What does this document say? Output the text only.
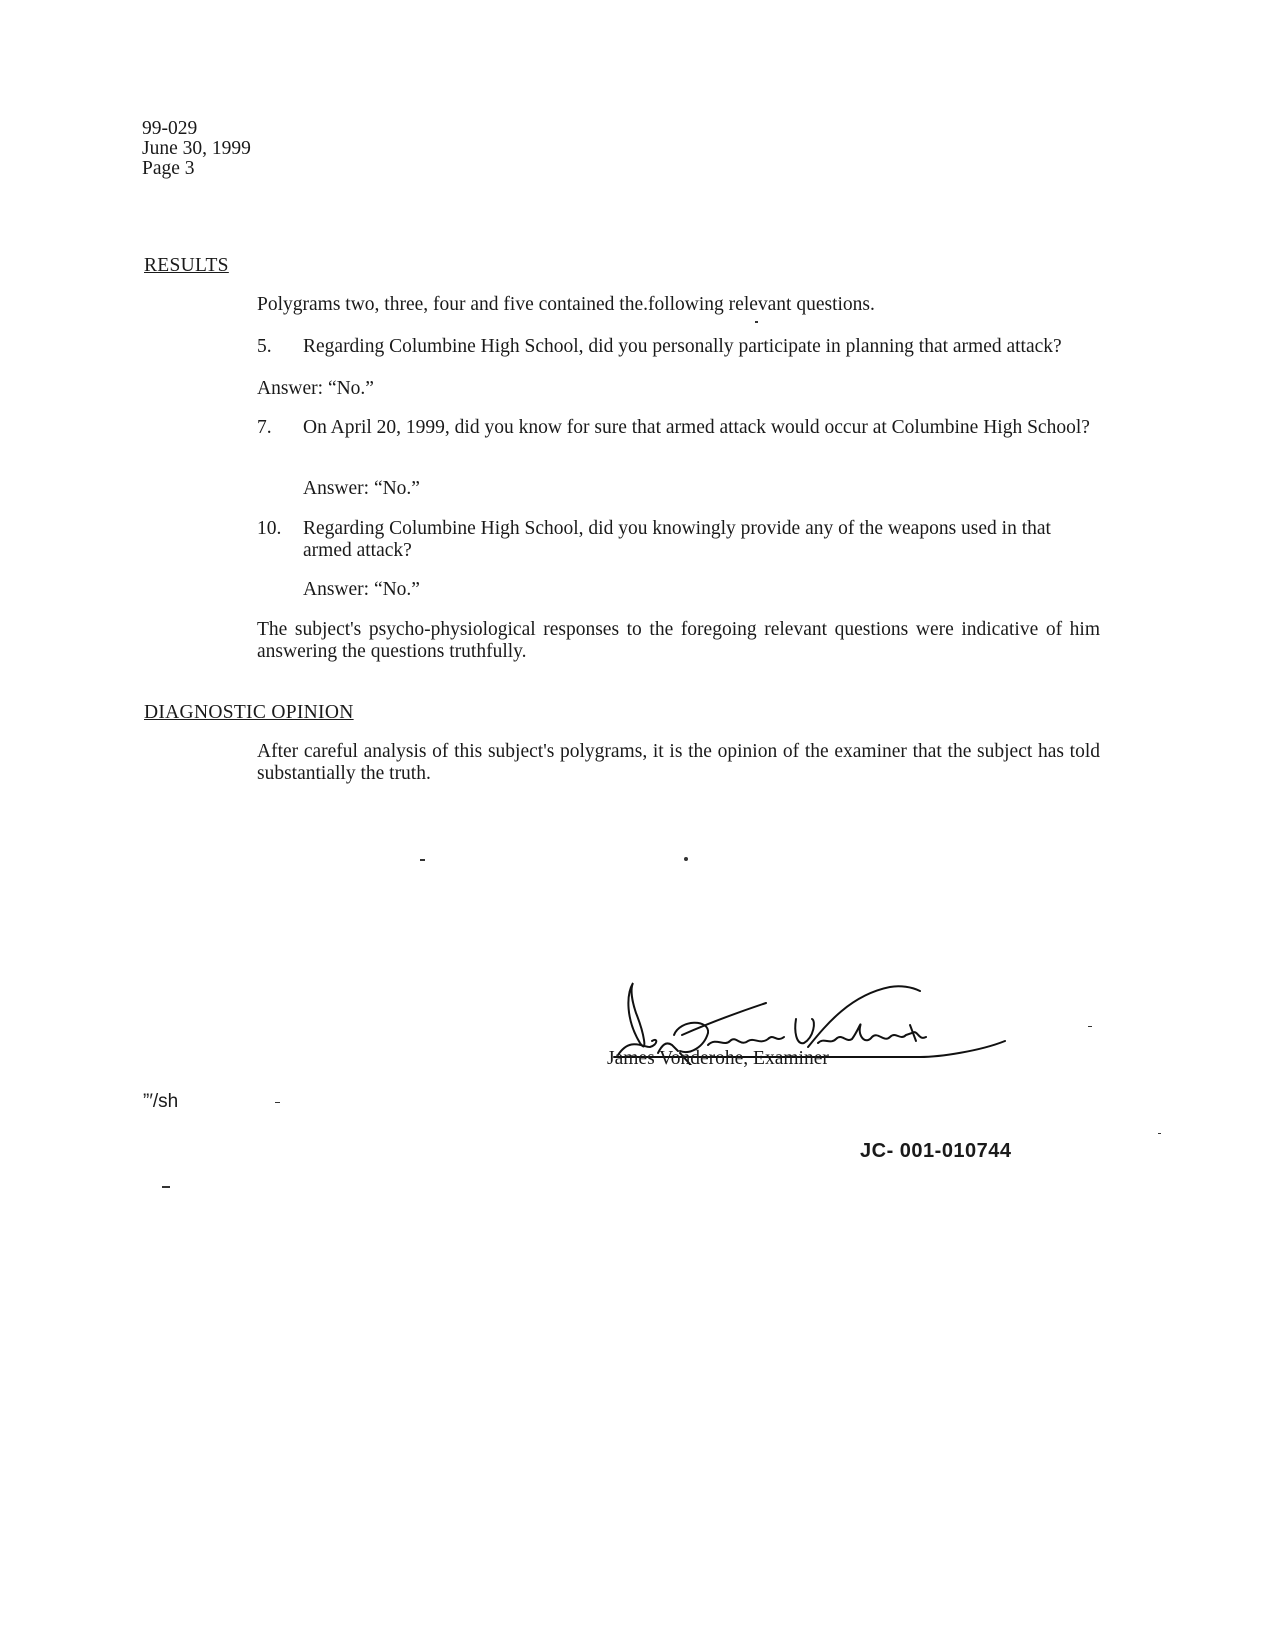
99-029
June 30, 1999
Page 3
RESULTS
Polygrams two, three, four and five contained the.following relevant questions.
5. Regarding Columbine High School, did you personally participate in planning that armed attack?
Answer: “No.”
7. On April 20, 1999, did you know for sure that armed attack would occur at Columbine High School?
Answer: “No.”
10. Regarding Columbine High School, did you knowingly provide any of the weapons used in that armed attack?
Answer: “No.”
The subject's psycho-physiological responses to the foregoing relevant questions were indicative of him answering the questions truthfully.
DIAGNOSTIC OPINION
After careful analysis of this subject's polygrams, it is the opinion of the examiner that the subject has told substantially the truth.
James Vonderohe, Examiner
”′/sh
JC- 001-010744
